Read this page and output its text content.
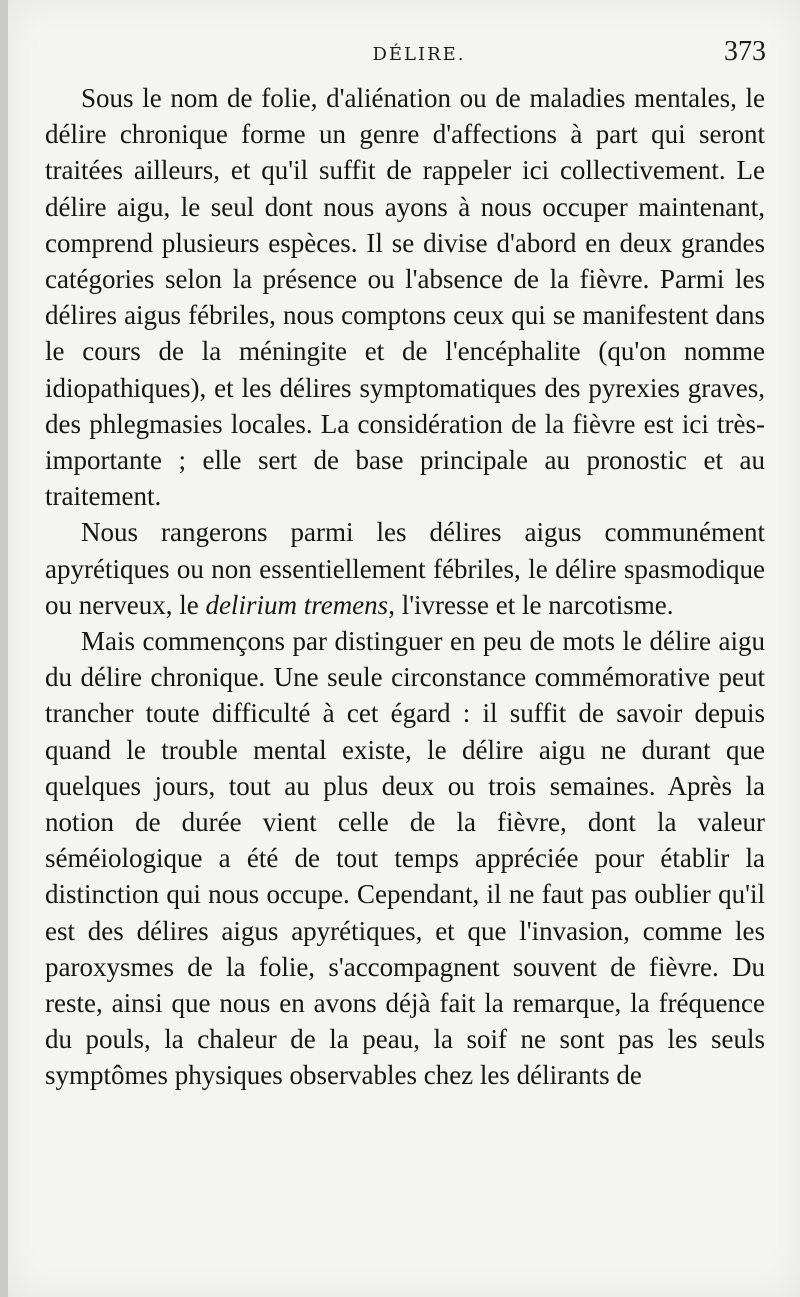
DÉLIRE.	373

Sous le nom de folie, d'aliénation ou de maladies mentales, le délire chronique forme un genre d'affections à part qui seront traitées ailleurs, et qu'il suffit de rappeler ici collectivement. Le délire aigu, le seul dont nous ayons à nous occuper maintenant, comprend plusieurs espèces. Il se divise d'abord en deux grandes catégories selon la présence ou l'absence de la fièvre. Parmi les délires aigus fébriles, nous comptons ceux qui se manifestent dans le cours de la méningite et de l'encéphalite (qu'on nomme idiopathiques), et les délires symptomatiques des pyrexies graves, des phlegmasies locales. La considération de la fièvre est ici très-importante ; elle sert de base principale au pronostic et au traitement.

Nous rangerons parmi les délires aigus communément apyrétiques ou non essentiellement fébriles, le délire spasmodique ou nerveux, le delirium tremens, l'ivresse et le narcotisme.

Mais commençons par distinguer en peu de mots le délire aigu du délire chronique. Une seule circonstance commémorative peut trancher toute difficulté à cet égard : il suffit de savoir depuis quand le trouble mental existe, le délire aigu ne durant que quelques jours, tout au plus deux ou trois semaines. Après la notion de durée vient celle de la fièvre, dont la valeur séméiologique a été de tout temps appréciée pour établir la distinction qui nous occupe. Cependant, il ne faut pas oublier qu'il est des délires aigus apyrétiques, et que l'invasion, comme les paroxysmes de la folie, s'accompagnent souvent de fièvre. Du reste, ainsi que nous en avons déjà fait la remarque, la fréquence du pouls, la chaleur de la peau, la soif ne sont pas les seuls symptômes physiques observables chez les délirants de
